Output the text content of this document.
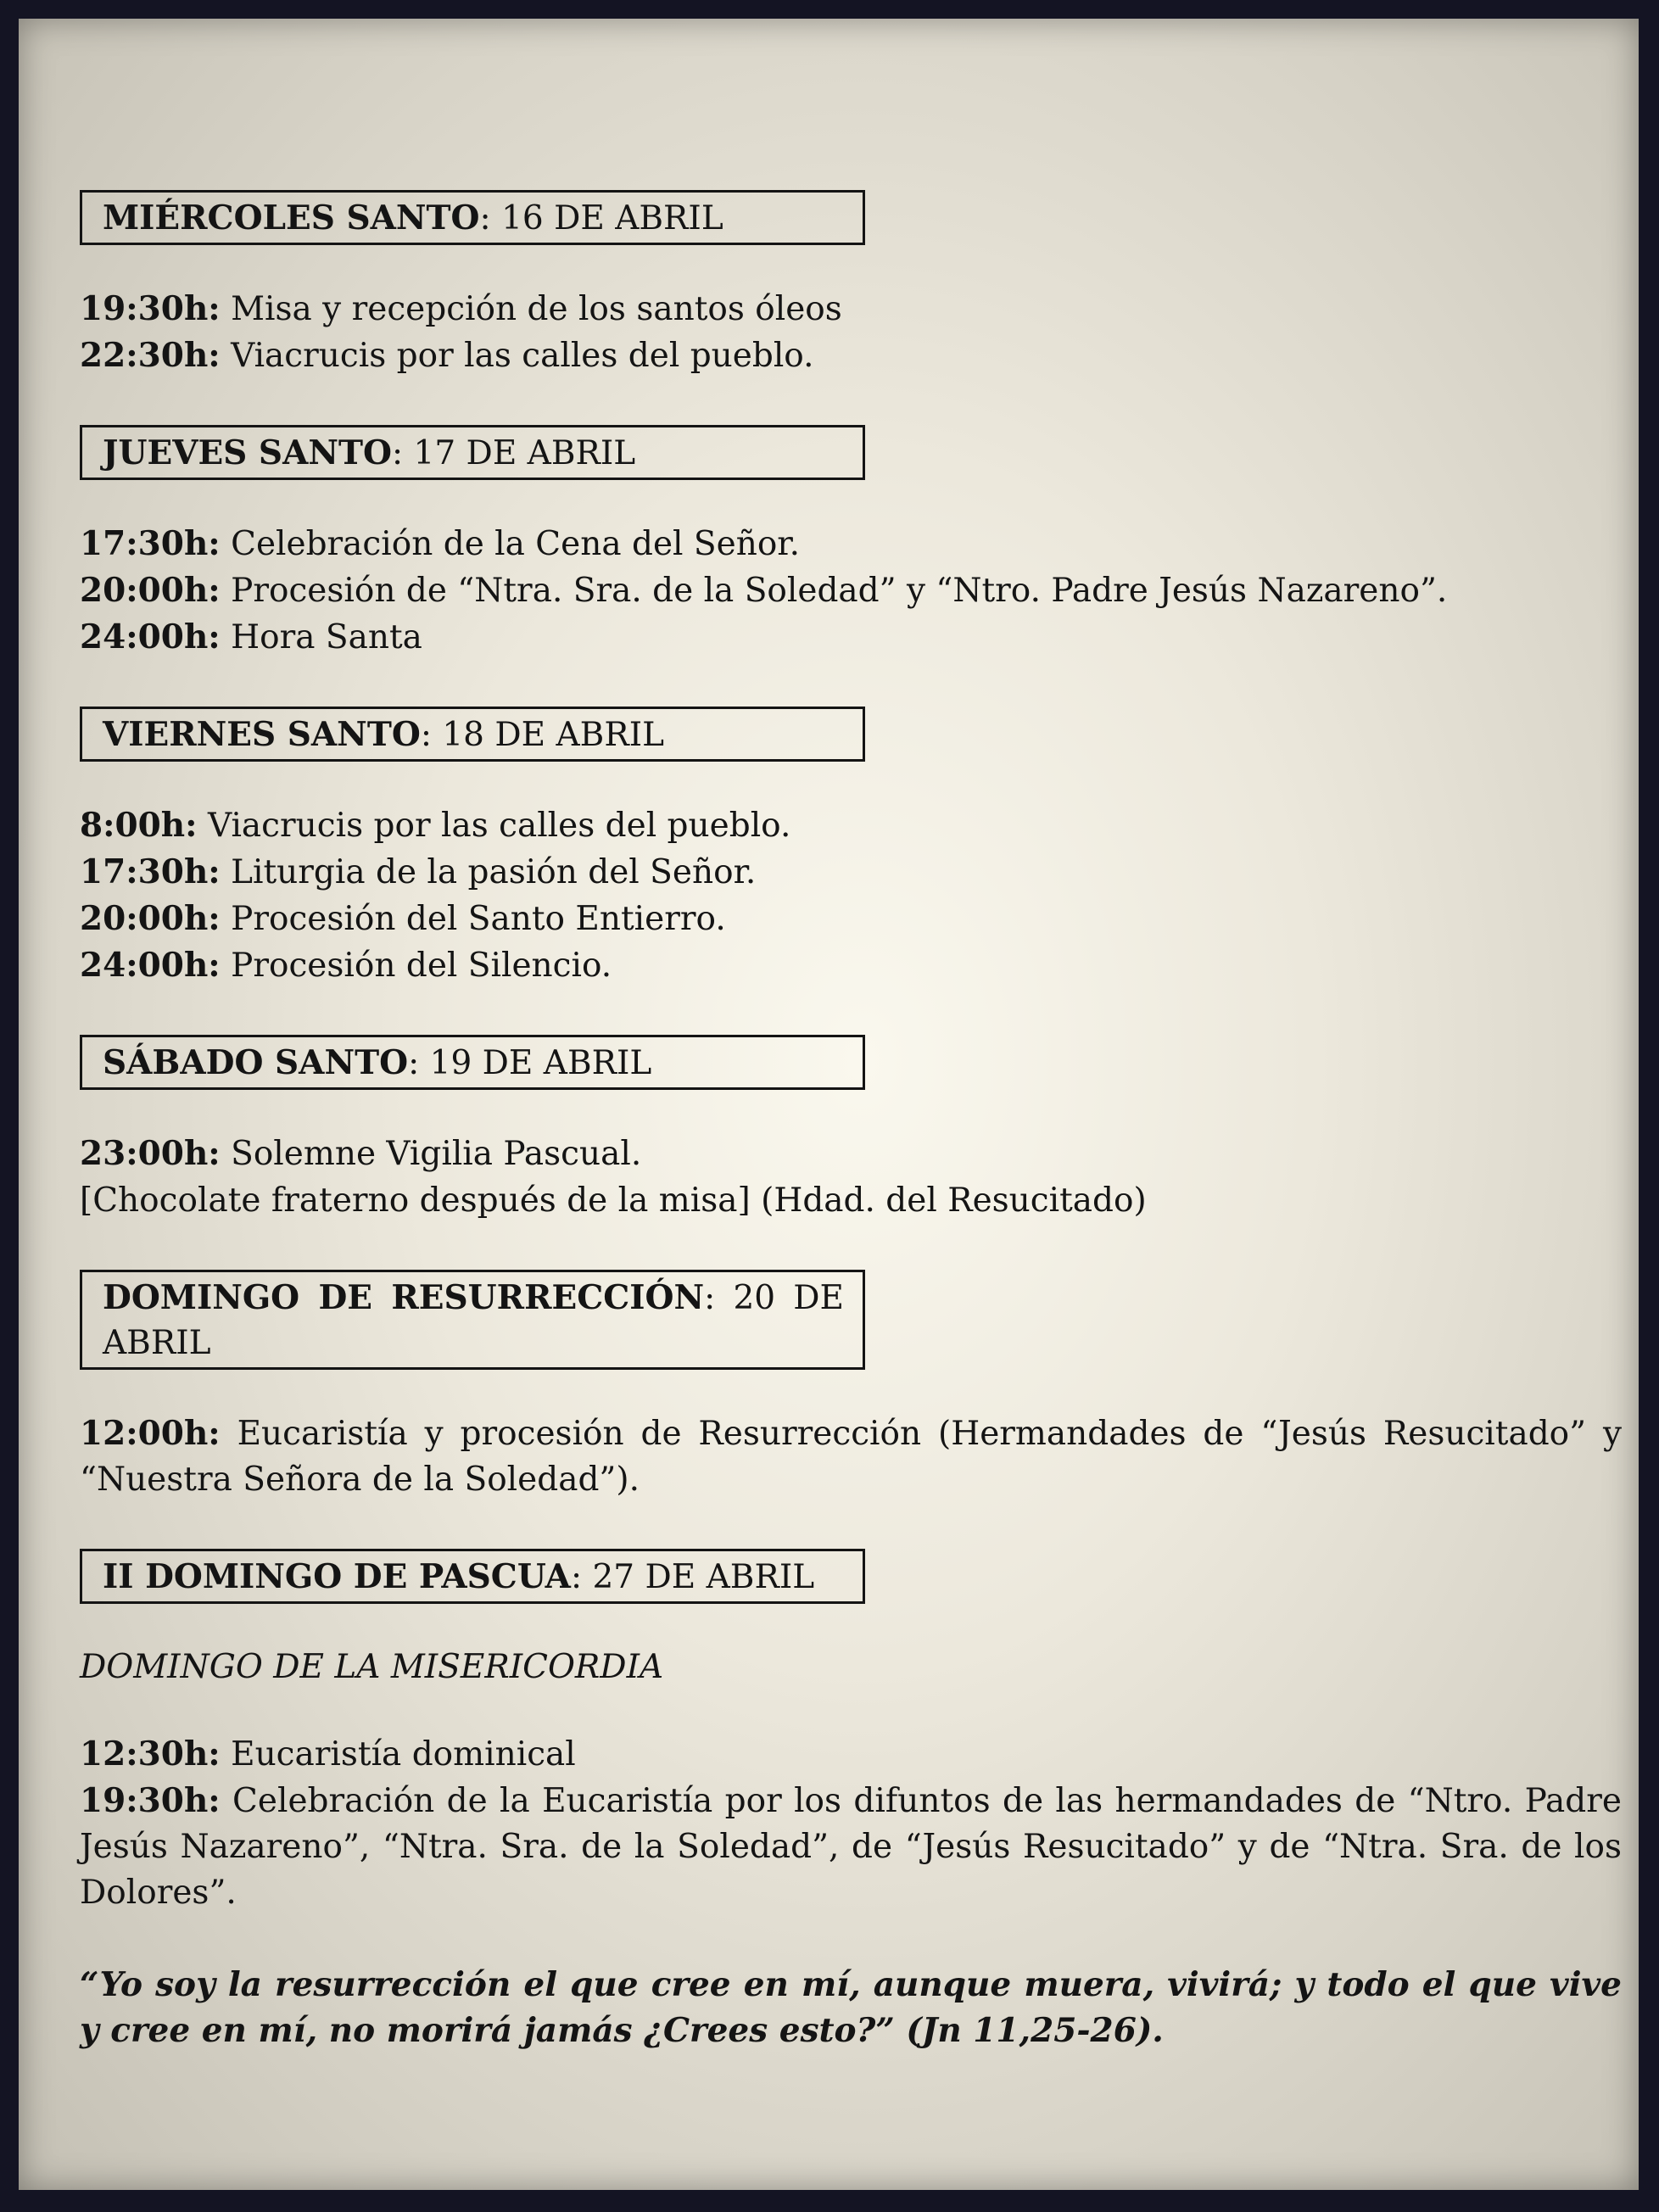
MIÉRCOLES SANTO: 16 DE ABRIL
19:30h: Misa y recepción de los santos óleos
22:30h: Viacrucis por las calles del pueblo.
JUEVES SANTO: 17 DE ABRIL
17:30h: Celebración de la Cena del Señor.
20:00h: Procesión de “Ntra. Sra. de la Soledad” y “Ntro. Padre Jesús Nazareno”.
24:00h: Hora Santa
VIERNES SANTO: 18 DE ABRIL
8:00h: Viacrucis por las calles del pueblo.
17:30h: Liturgia de la pasión del Señor.
20:00h: Procesión del Santo Entierro.
24:00h: Procesión del Silencio.
SÁBADO SANTO: 19 DE ABRIL
23:00h: Solemne Vigilia Pascual.
[Chocolate fraterno después de la misa] (Hdad. del Resucitado)
DOMINGO DE RESURRECCIÓN: 20 DE ABRIL
12:00h: Eucaristía y procesión de Resurrección (Hermandades de “Jesús Resucitado” y “Nuestra Señora de la Soledad”).
II DOMINGO DE PASCUA: 27 DE ABRIL
DOMINGO DE LA MISERICORDIA
12:30h: Eucaristía dominical
19:30h: Celebración de la Eucaristía por los difuntos de las hermandades de “Ntro. Padre Jesús Nazareno”, “Ntra. Sra. de la Soledad”, de “Jesús Resucitado” y de “Ntra. Sra. de los Dolores”.
“Yo soy la resurrección el que cree en mí, aunque muera, vivirá; y todo el que vive y cree en mí, no morirá jamás ¿Crees esto?” (Jn 11,25-26).
